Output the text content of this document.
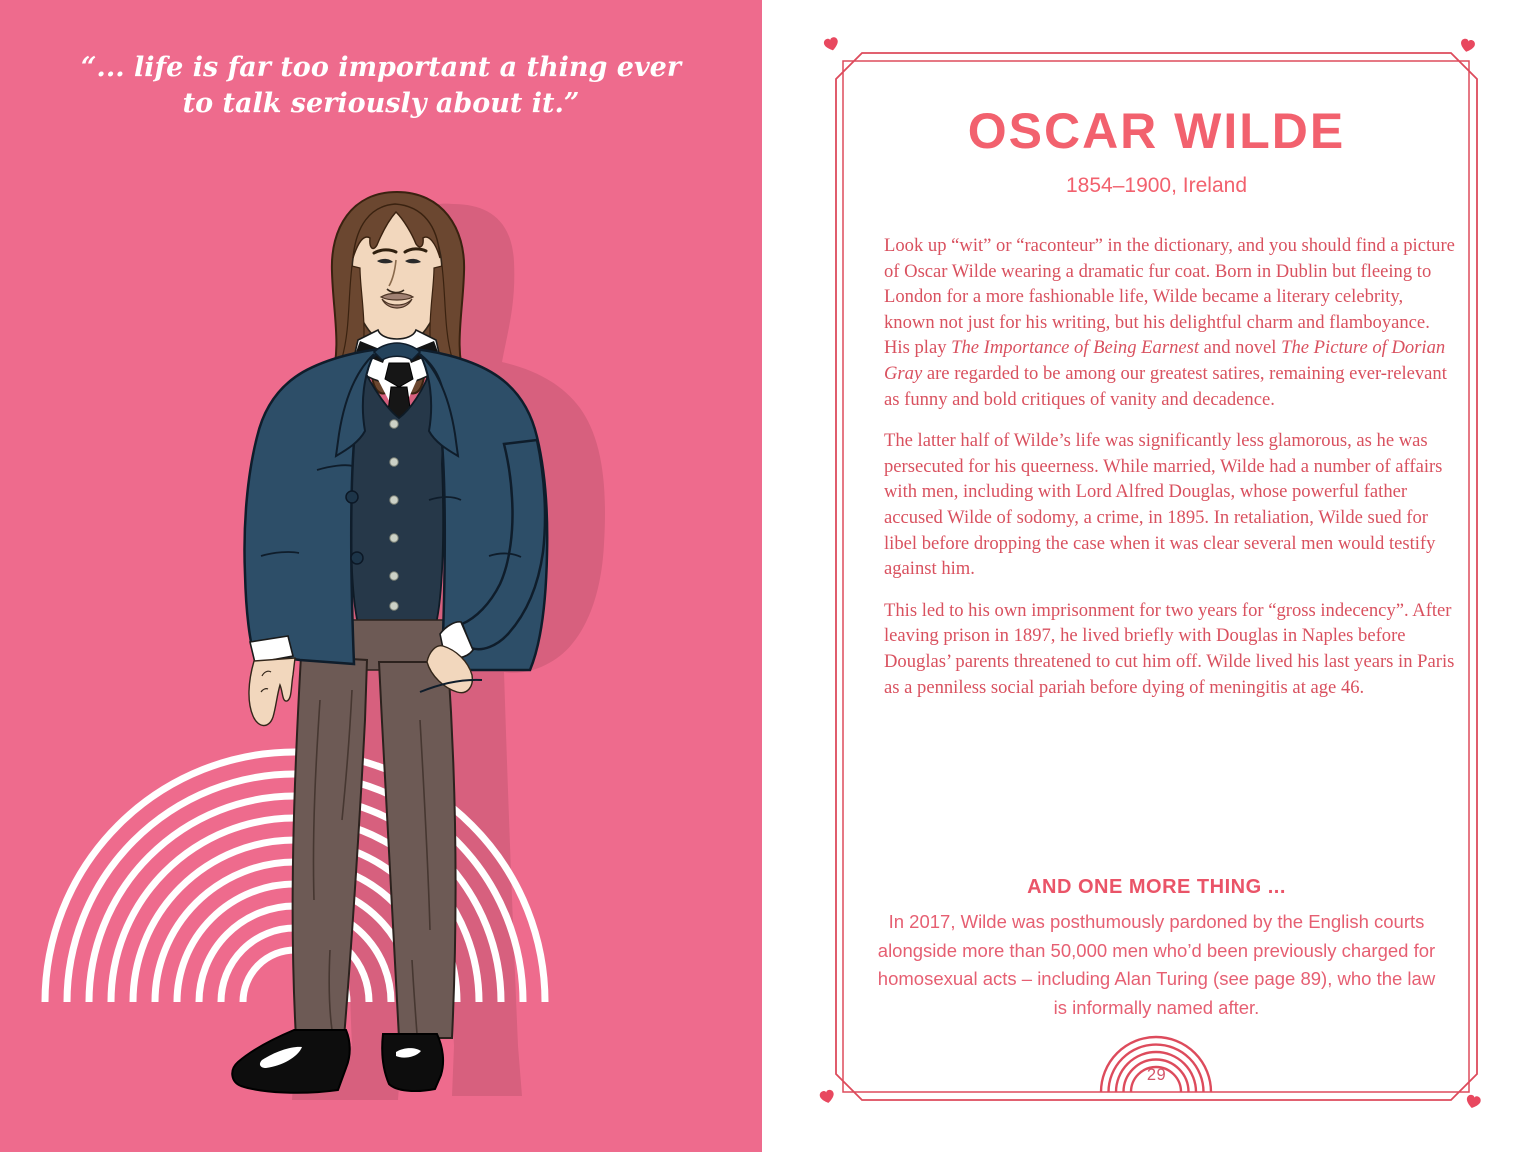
“... life is far too important a thing ever
to talk seriously about it.”	OSCAR WILDE
1854–1900, Ireland

Look up “wit” or “raconteur” in the dictionary, and you should find a picture of Oscar Wilde wearing a dramatic fur coat. Born in Dublin but fleeing to London for a more fashionable life, Wilde became a literary celebrity, known not just for his writing, but his delightful charm and flamboyance. His play The Importance of Being Earnest and novel The Picture of Dorian Gray are regarded to be among our greatest satires, remaining ever-relevant as funny and bold critiques of vanity and decadence.

The latter half of Wilde’s life was significantly less glamorous, as he was persecuted for his queerness. While married, Wilde had a number of affairs with men, including with Lord Alfred Douglas, whose powerful father accused Wilde of sodomy, a crime, in 1895. In retaliation, Wilde sued for libel before dropping the case when it was clear several men would testify against him.

This led to his own imprisonment for two years for “gross indecency”. After leaving prison in 1897, he lived briefly with Douglas in Naples before Douglas’ parents threatened to cut him off. Wilde lived his last years in Paris as a penniless social pariah before dying of meningitis at age 46.

AND ONE MORE THING ...
In 2017, Wilde was posthumously pardoned by the English courts
alongside more than 50,000 men who’d been previously charged for
homosexual acts – including Alan Turing (see page 89), who the law
is informally named after.
29
